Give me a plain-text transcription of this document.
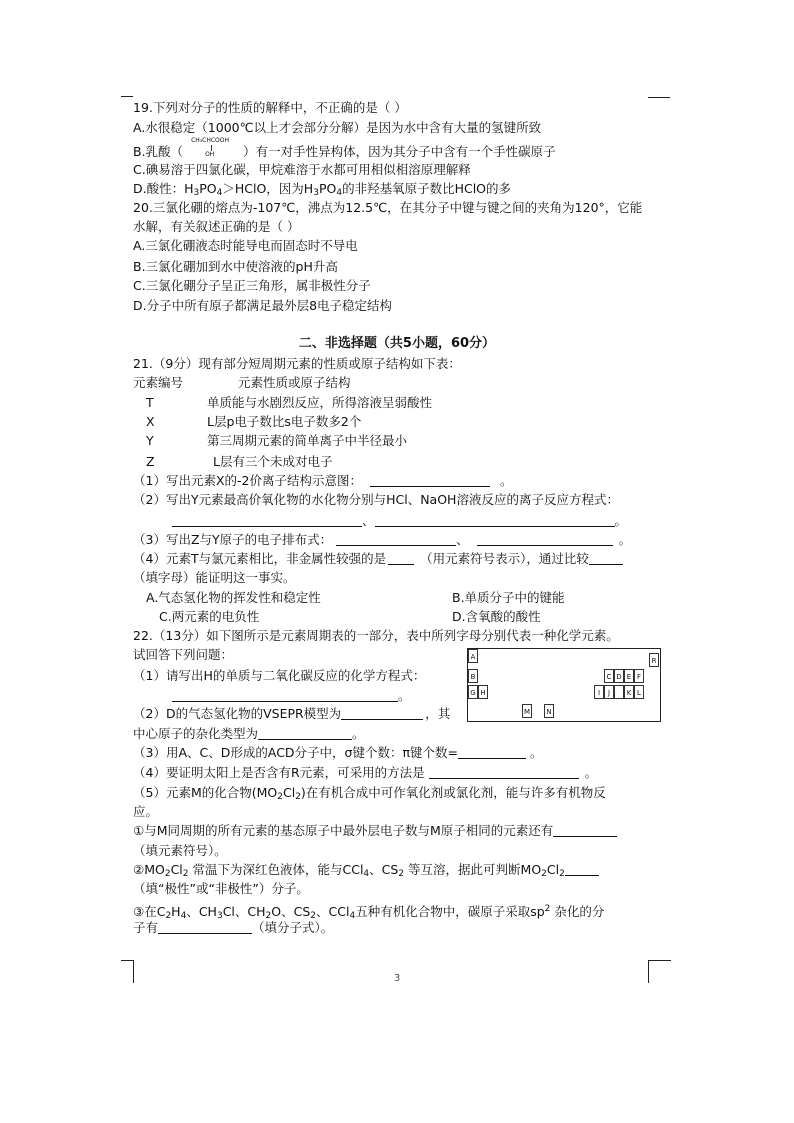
19.下列对分子的性质的解释中，不正确的是（ ）
A.水很稳定（1000℃以上才会部分分解）是因为水中含有大量的氢键所致
B.乳酸（
CH₃CHCOOH
OH ）有一对手性异构体，因为其分子中含有一个手性碳原子
C.碘易溶于四氯化碳，甲烷难溶于水都可用相似相溶原理解释
D.酸性：$H_3PO_4>HClO$，因为$H_3PO_4$的非羟基氧原子数比HClO的多
20.三氯化硼的熔点为-107℃，沸点为12.5℃，在其分子中键与键之间的夹角为120°，它能
水解，有关叙述正确的是（ ）
A.三氯化硼液态时能导电而固态时不导电
B.三氯化硼加到水中使溶液的pH升高
C.三氯化硼分子呈正三角形，属非极性分子
D.分子中所有原子都满足最外层8电子稳定结构
二、非选择题（共5小题，60分）
21.（9分）现有部分短周期元素的性质或原子结构如下表：
元素编号	元素性质或原子结构
T	单质能与水剧烈反应，所得溶液呈弱酸性
X	L层p电子数比s电子数多2个
Y	第三周期元素的简单离子中半径最小
Z	L层有三个未成对电子
（1）写出元素X的-2价离子结构示意图：	。
（2）写出Y元素最高价氧化物的水化物分别与HCl、NaOH溶液反应的离子反应方程式：
、	。
（3）写出Z与Y原子的电子排布式：	、	。
（4）元素T与氯元素相比，非金属性较强的是	（用元素符号表示），通过比较
（填字母）能证明这一事实。
A.气态氢化物的挥发性和稳定性	B.单质分子中的键能
C.两元素的电负性	D.含氧酸的酸性
22.（13分）如下图所示是元素周期表的一部分，表中所列字母分别代表一种化学元素。
试回答下列问题：
（1）请写出H的单质与二氧化碳反应的化学方程式：
。
（2）D的气态氢化物的VSEPR模型为	，其
中心原子的杂化类型为	。
（3）用A、C、D形成的ACD分子中，σ键个数：π键个数=	。
（4）要证明太阳上是否含有R元素，可采用的方法是	。
（5）元素M的化合物$(MO_2Cl_2)$在有机合成中可作氧化剂或氯化剂，能与许多有机物反
应。
①与M同周期的所有元素的基态原子中最外层电子数与M原子相同的元素还有
（填元素符号）。
$②MO_2Cl_2$ 常温下为深红色液体，能与CCl$_4$、$CS_2$ 等互溶，据此可判断$MO_2Cl_2$
（填“极性”或“非极性”）分子。
③在$C_2H_4$、$CH_3Cl$、$CH_2O$、$CS_2$、CCl$_4$五种有机化合物中，碳原子采取$sp^2$ 杂化的分
子有	（填分子式）。
A	R
B	C D E F
G H	I	J	K L
M	N
3
